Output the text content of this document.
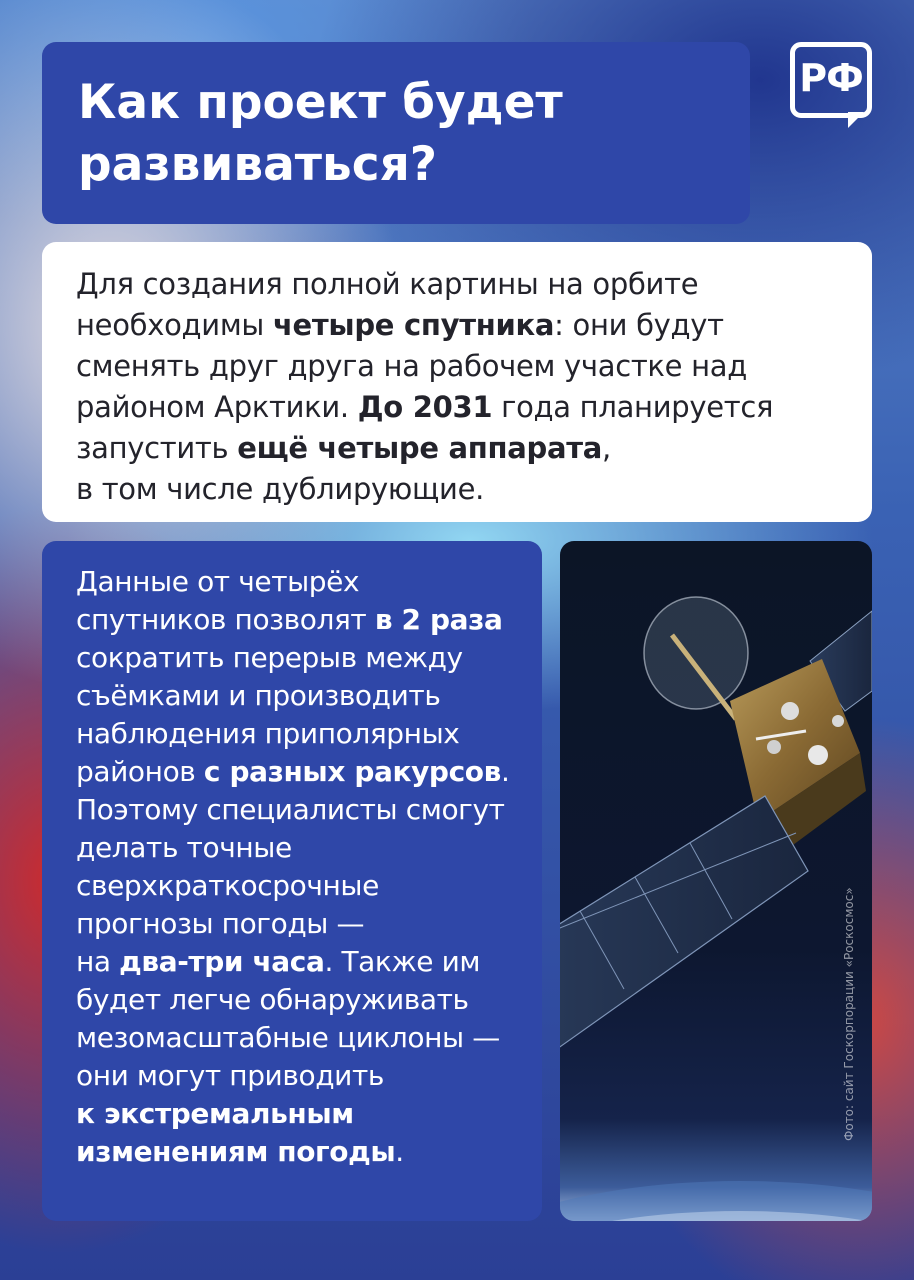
Как проект будет
развиваться?
РФ
Для создания полной картины на орбите
необходимы четыре спутника: они будут
сменять друг друга на рабочем участке над
районом Арктики. До 2031 года планируется
запустить ещё четыре аппарата,
в том числе дублирующие.
Данные от четырёх
спутников позволят в 2 раза
сократить перерыв между
съёмками и производить
наблюдения приполярных
районов с разных ракурсов.
Поэтому специалисты смогут
делать точные
сверхкраткосрочные
прогнозы погоды —
на два-три часа. Также им
будет легче обнаруживать
мезомасштабные циклоны —
они могут приводить
к экстремальным
изменениям погоды.
Фото: сайт Госкорпорации «Роскосмос»
